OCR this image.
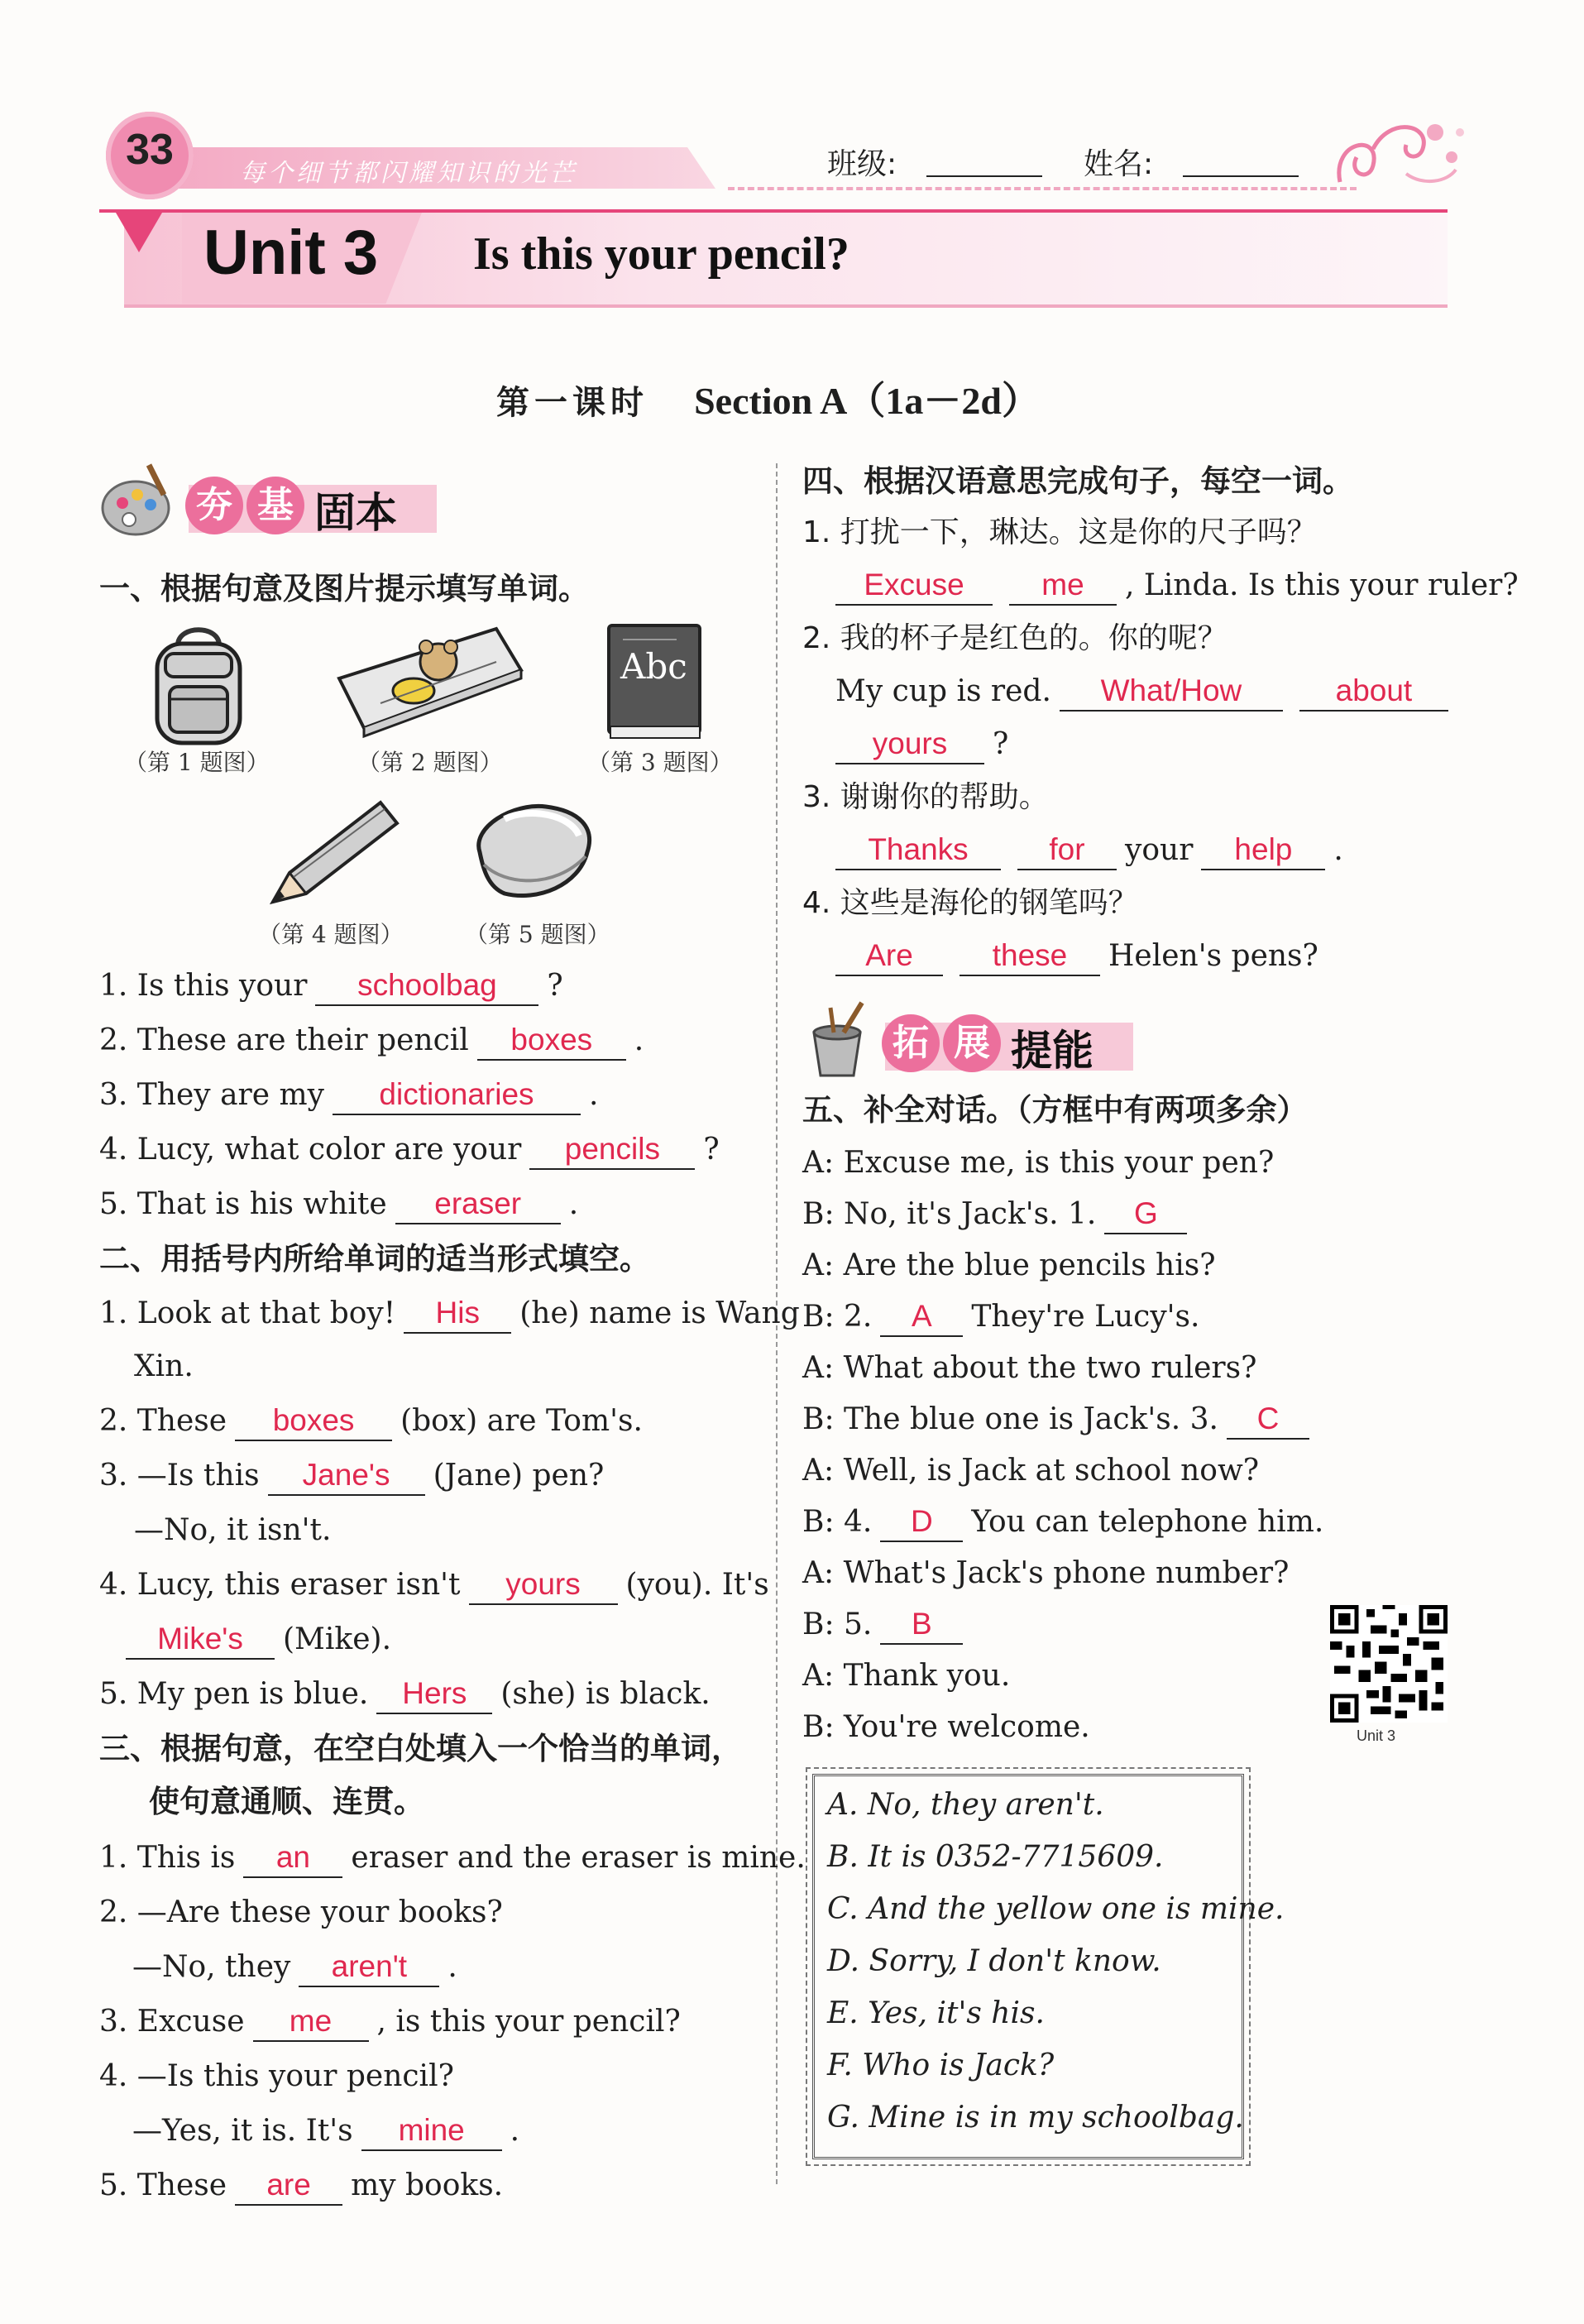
每个细节都闪耀知识的光芒
33	班级:	姓名:
Unit 3 Is this your pencil?
第一课时 Section A（1a－2d）
夯 基 固本
一、根据句意及图片提示填写单词。
（第 1 题图）	（第 2 题图）
Abc
（第 3 题图）
（第 4 题图）	（第 5 题图）
1. Is this your schoolbag ?
2. These are their pencil boxes .
3. They are my dictionaries .
4. Lucy, what color are your pencils ?
5. That is his white eraser .
二、用括号内所给单词的适当形式填空。
1. Look at that boy! His (he) name is Wang
Xin.
2. These boxes (box) are Tom's.
3. —Is this Jane's (Jane) pen?
—No, it isn't.
4. Lucy, this eraser isn't yours (you). It's
Mike's (Mike).
5. My pen is blue. Hers (she) is black.
三、根据句意，在空白处填入一个恰当的单词，
使句意通顺、连贯。
1. This is an eraser and the eraser is mine.
2. —Are these your books?
—No, they aren't .
3. Excuse me , is this your pencil?
4. —Is this your pencil?
—Yes, it is. It's mine .
5. These are my books.
四、根据汉语意思完成句子，每空一词。
1. 打扰一下，琳达。这是你的尺子吗？
Excuse	me , Linda. Is this your ruler?
2. 我的杯子是红色的。你的呢？
My cup is red. What/How	about
yours ?
3. 谢谢你的帮助。
Thanks	for your help .
4. 这些是海伦的钢笔吗？
Are	these Helen's pens?
拓 展 提能
五、补全对话。（方框中有两项多余）
A: Excuse me, is this your pen?
B: No, it's Jack's. 1. G
A: Are the blue pencils his?
B: 2. A They're Lucy's.
A: What about the two rulers?
B: The blue one is Jack's. 3. C
A: Well, is Jack at school now?
B: 4. D You can telephone him.
A: What's Jack's phone number?
B: 5. B
A: Thank you.
B: You're welcome.	Unit 3
A. No, they aren't.
B. It is 0352-7715609.
C. And the yellow one is mine.
D. Sorry, I don't know.
E. Yes, it's his.
F. Who is Jack?
G. Mine is in my schoolbag.
